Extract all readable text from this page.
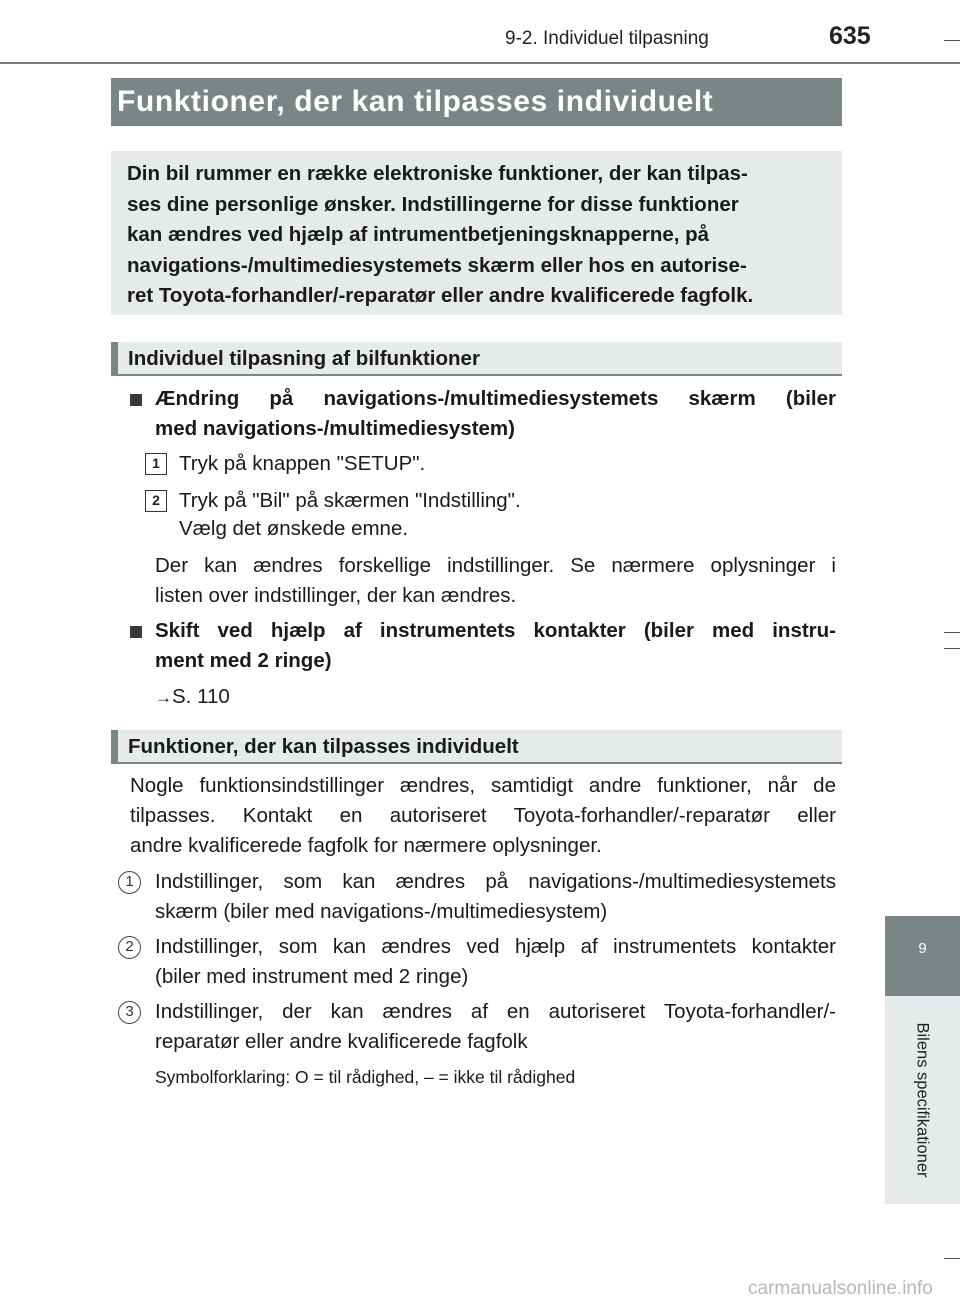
9-2. Individuel tilpasning	635
Funktioner, der kan tilpasses individuelt
Din bil rummer en række elektroniske funktioner, der kan tilpas-
ses dine personlige ønsker. Indstillingerne for disse funktioner
kan ændres ved hjælp af intrumentbetjeningsknapperne, på
navigations-/multimediesystemets skærm eller hos en autorise-
ret Toyota-forhandler/-reparatør eller andre kvalificerede fagfolk.
Individuel tilpasning af bilfunktioner
Ændring på navigations-/multimediesystemets skærm (biler
med navigations-/multimediesystem)
1 Tryk på knappen "SETUP".
2 Tryk på "Bil" på skærmen "Indstilling".
Vælg det ønskede emne.
Der kan ændres forskellige indstillinger. Se nærmere oplysninger i
listen over indstillinger, der kan ændres.
Skift ved hjælp af instrumentets kontakter (biler med instru-
ment med 2 ringe)
→S. 110
Funktioner, der kan tilpasses individuelt
Nogle funktionsindstillinger ændres, samtidigt andre funktioner, når de
tilpasses. Kontakt en autoriseret Toyota-forhandler/-reparatør eller
andre kvalificerede fagfolk for nærmere oplysninger.
1	Indstillinger, som kan ændres på navigations-/multimediesystemets
skærm (biler med navigations-/multimediesystem)
2	Indstillinger, som kan ændres ved hjælp af instrumentets kontakter
(biler med instrument med 2 ringe)
3	Indstillinger, der kan ændres af en autoriseret Toyota-forhandler/-
reparatør eller andre kvalificerede fagfolk
Symbolforklaring: O = til rådighed, – = ikke til rådighed
9
Bilens specifikationer
carmanualsonline.info
